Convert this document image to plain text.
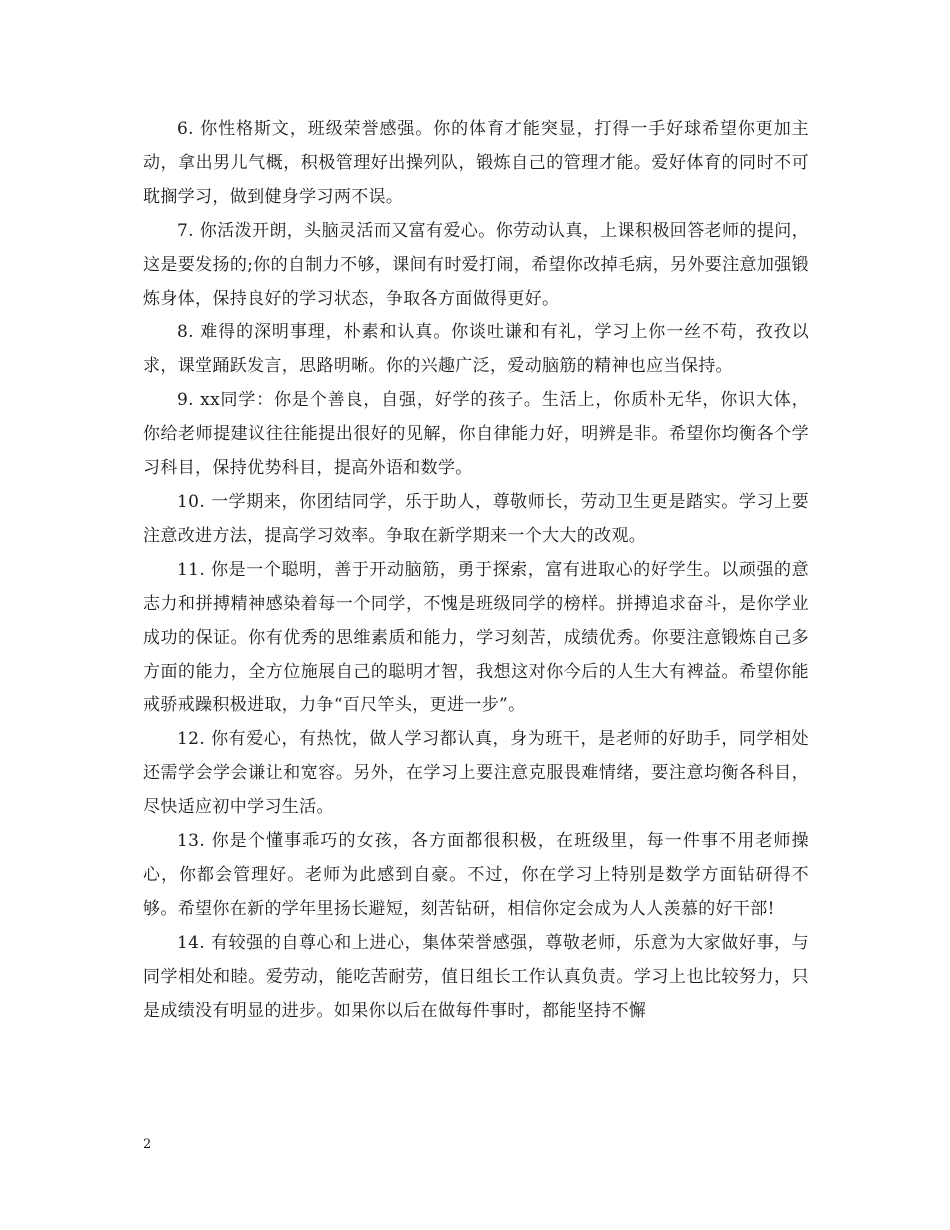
6. 你性格斯文，班级荣誉感强。你的体育才能突显，打得一手好球希望你更加主动，拿出男儿气概，积极管理好出操列队，锻炼自己的管理才能。爱好体育的同时不可耽搁学习，做到健身学习两不误。

7. 你活泼开朗，头脑灵活而又富有爱心。你劳动认真，上课积极回答老师的提问，这是要发扬的;你的自制力不够，课间有时爱打闹，希望你改掉毛病，另外要注意加强锻炼身体，保持良好的学习状态，争取各方面做得更好。

8. 难得的深明事理，朴素和认真。你谈吐谦和有礼，学习上你一丝不苟，孜孜以求，课堂踊跃发言，思路明晰。你的兴趣广泛，爱动脑筋的精神也应当保持。

9. xx同学：你是个善良，自强，好学的孩子。生活上，你质朴无华，你识大体，你给老师提建议往往能提出很好的见解，你自律能力好，明辨是非。希望你均衡各个学习科目，保持优势科目，提高外语和数学。

10. 一学期来，你团结同学，乐于助人，尊敬师长，劳动卫生更是踏实。学习上要注意改进方法，提高学习效率。争取在新学期来一个大大的改观。

11. 你是一个聪明，善于开动脑筋，勇于探索，富有进取心的好学生。以顽强的意志力和拼搏精神感染着每一个同学，不愧是班级同学的榜样。拼搏追求奋斗，是你学业成功的保证。你有优秀的思维素质和能力，学习刻苦，成绩优秀。你要注意锻炼自己多方面的能力，全方位施展自己的聪明才智，我想这对你今后的人生大有裨益。希望你能戒骄戒躁积极进取，力争“百尺竿头，更进一步”。

12. 你有爱心，有热忱，做人学习都认真，身为班干，是老师的好助手，同学相处还需学会学会谦让和宽容。另外，在学习上要注意克服畏难情绪，要注意均衡各科目，尽快适应初中学习生活。

13. 你是个懂事乖巧的女孩，各方面都很积极，在班级里，每一件事不用老师操心，你都会管理好。老师为此感到自豪。不过，你在学习上特别是数学方面钻研得不够。希望你在新的学年里扬长避短，刻苦钻研，相信你定会成为人人羡慕的好干部!

14. 有较强的自尊心和上进心，集体荣誉感强，尊敬老师，乐意为大家做好事，与同学相处和睦。爱劳动，能吃苦耐劳，值日组长工作认真负责。学习上也比较努力，只是成绩没有明显的进步。如果你以后在做每件事时，都能坚持不懈

2
